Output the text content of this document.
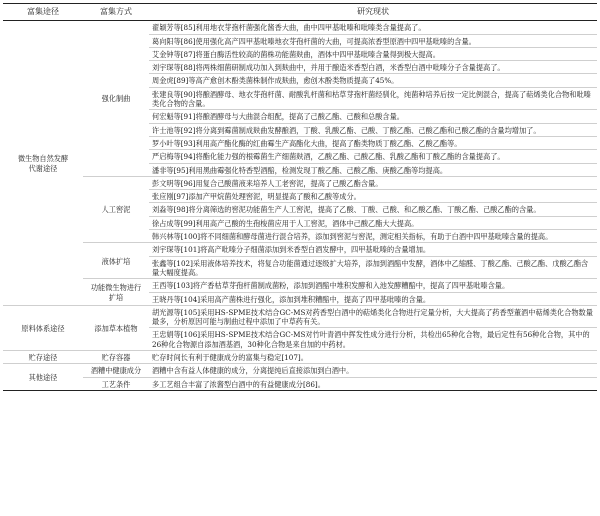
富集途径	富集方式	研究现状
微生物自然发酵
代谢途径	强化制曲	翟颖芳等[85]利用地衣芽孢杆菌强化酱香大曲，曲中四甲基吡嗪和吡嗪类含量提高了。
		葛向阳等[86]使用强化高产四甲基吡嗪地衣芽孢杆菌的大曲，可提高浓香型原酒中四甲基吡嗪的含量。
		艾金钟等[87]将蛋白酶活性较高的菌株功能菌麸曲，酒体中四甲基吡嗪含量得到极大提高。
		刘宇琛等[88]将两株细菌研制成功加入到麸曲中，并用于酿造米香型白酒，米香型白酒中吡嗪分子含量提高了。
		周金虎[89]等高产愈创木酚类菌株制作成麸曲，愈创木酚类物质提高了45%。
		张建良等[90]将酿酒酵母、地衣芽孢杆菌、耐酸乳杆菌和枯草芽孢杆菌经驯化，纯菌种培养后按一定比例混合，提高了萜烯类化合物和吡嗪类化合物的含量。
		何宏魁等[91]将酿酒酵母与大曲混合组配，提高了己酸乙酯、己酸和总酸含量。
		许士池等[92]将分离到霉菌制成麸曲发酵酿酒，丁酸、乳酸乙酯、己酸、丁酸乙酯、己酸乙酯和己酸乙酯的含量均增加了。
		罗小叶等[93]利用高产酯化酶的红曲霉生产高酯化大曲，提高了酯类物质丁酸乙酯、乙酸乙酯等。
		严启梅等[94]将酯化能力强的根霉菌生产细菌麸酒，乙酸乙酯、己酸乙酯、乳酸乙酯和丁酸乙酯的含量提高了。
		潘非等[95]利用黑曲霉强化特香型酒醅，检测发现丁酸乙酯、己酸乙酯、庚酸乙酯等均提高。
	人工窖泥	彭文明等[96]用复合己酸菌液来培养人工老窖泥，提高了己酸乙酯含量。
		张应刚[97]添加产甲烷菌处理窖泥，明显提高了酸和乙酸等成分。
		刘淼等[98]将分离筛选的窖泥功能菌生产人工窖泥，提高了乙酸、丁酸、己酸、和乙酸乙酯、丁酸乙酯、己酸乙酯的含量。
		徐占成等[99]利用高产己酸的生孢梭菌应用于人工窖泥，酒体中己酸乙酯大大提高。
		韩兴林等[100]将不同细菌和酵母菌进行混合培养，添加到窖泥与窖泥，测定相关指标，有助于白酒中四甲基吡嗪含量的提高。
	液体扩培	刘宇琛等[101]将高产吡嗪分子细菌添加到米香型白酒发酵中，四甲基吡嗪的含量增加。
		张鑫等[102]采用液体培养技术，将复合功能菌通过逐级扩大培养，添加到酒醅中发酵，酒体中乙缩醛、丁酸乙酯、己酸乙酯、戊酸乙酯含量大幅度提高。
	功能微生物进行
扩培	王西等[103]将产香枯草芽孢杆菌制成菌粉，添加到酒醅中堆积发酵和入池发酵糟醅中，提高了四甲基吡嗪含量。
		王晓丹等[104]采用高产菌株进行强化，添加到堆积糟醅中，提高了四甲基吡嗪的含量。
原料体系途径	添加草本植物	胡光源等[105]采用HS-SPME技术结合GC-MS对药香型白酒中的萜烯类化合物进行定量分析，大大提高了药香型董酒中萜烯类化合物数量最多，分析原因可能与制曲过程中添加了中草药有关。
		王忠娟等[106]采用HS-SPME技术结合GC-MS对竹叶青酒中挥发性成分进行分析，共检出65种化合物，最后定性有56种化合物，其中的26种化合物源自添加酒基酒，30种化合物是来自加的中药材。
贮存途径	贮存容器	贮存时间长有利于健康成分的富集与稳定[107]。
其他途径	酒糟中健康成分	酒糟中含有益人体健康的成分，分离提纯后直接添加到白酒中。
	工艺条件	多工艺组合丰富了浓酱型白酒中的有益健康成分[86]。
